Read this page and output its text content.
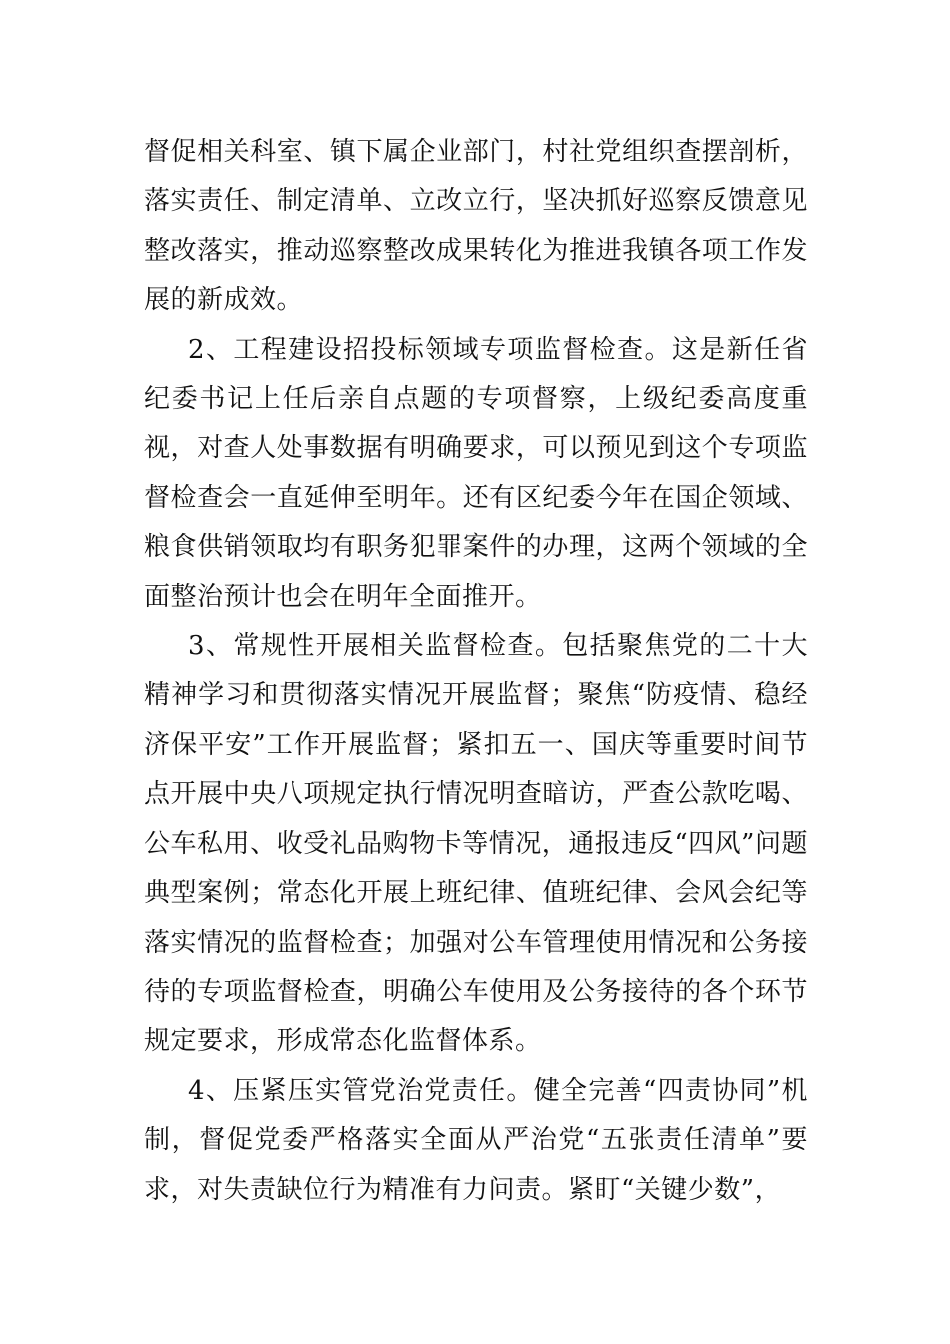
督促相关科室、镇下属企业部门，村社党组织查摆剖析，落实责任、制定清单、立改立行，坚决抓好巡察反馈意见整改落实，推动巡察整改成果转化为推进我镇各项工作发展的新成效。

2、工程建设招投标领域专项监督检查。这是新任省纪委书记上任后亲自点题的专项督察，上级纪委高度重视，对查人处事数据有明确要求，可以预见到这个专项监督检查会一直延伸至明年。还有区纪委今年在国企领域、粮食供销领取均有职务犯罪案件的办理，这两个领域的全面整治预计也会在明年全面推开。

3、常规性开展相关监督检查。包括聚焦党的二十大精神学习和贯彻落实情况开展监督；聚焦“防疫情、稳经济保平安”工作开展监督；紧扣五一、国庆等重要时间节点开展中央八项规定执行情况明查暗访，严查公款吃喝、公车私用、收受礼品购物卡等情况，通报违反“四风”问题典型案例；常态化开展上班纪律、值班纪律、会风会纪等落实情况的监督检查；加强对公车管理使用情况和公务接待的专项监督检查，明确公车使用及公务接待的各个环节规定要求，形成常态化监督体系。

4、压紧压实管党治党责任。健全完善“四责协同”机制，督促党委严格落实全面从严治党“五张责任清单”要求，对失责缺位行为精准有力问责。紧盯“关键少数”，
